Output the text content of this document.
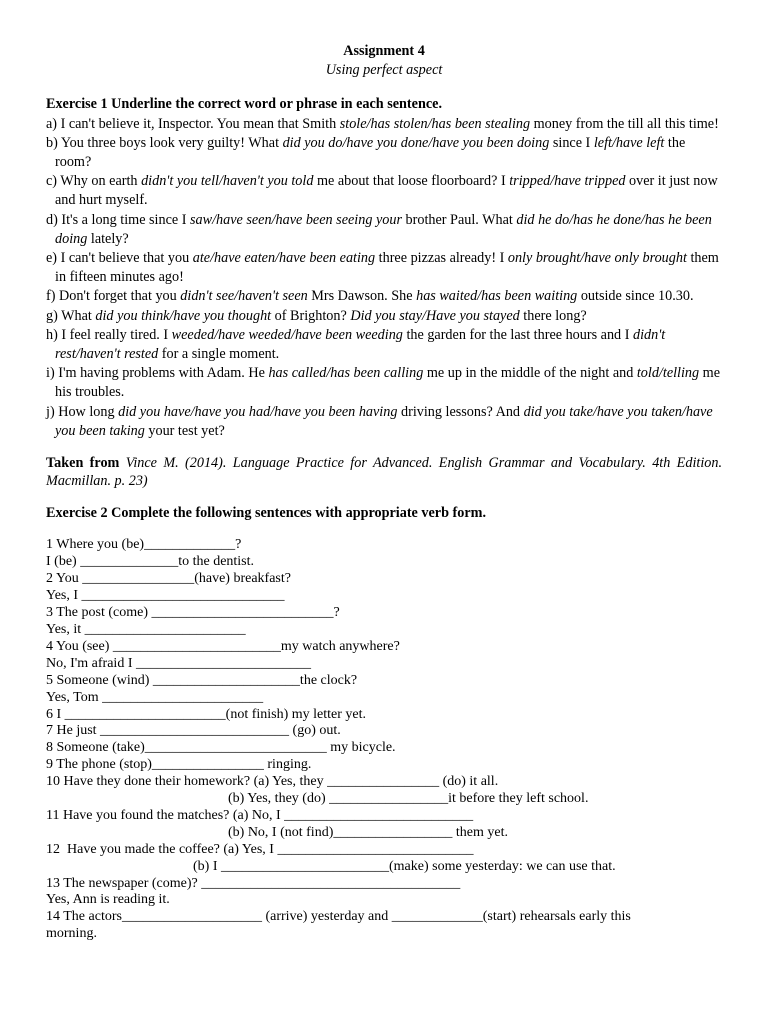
Assignment 4

Using perfect aspect

Exercise 1 Underline the correct word or phrase in each sentence.

a) I can't believe it, Inspector. You mean that Smith stole/has stolen/has been stealing money from the till all this time!

b) You three boys look very guilty! What did you do/have you done/have you been doing since I left/have left the room?

c) Why on earth didn't you tell/haven't you told me about that loose floorboard? I tripped/have tripped over it just now and hurt myself.

d) It's a long time since I saw/have seen/have been seeing your brother Paul. What did he do/has he done/has he been doing lately?

e) I can't believe that you ate/have eaten/have been eating three pizzas already! I only brought/have only brought them in fifteen minutes ago!

f) Don't forget that you didn't see/haven't seen Mrs Dawson. She has waited/has been waiting outside since 10.30.

g) What did you think/have you thought of Brighton? Did you stay/Have you stayed there long?

h) I feel really tired. I weeded/have weeded/have been weeding the garden for the last three hours and I didn't rest/haven't rested for a single moment.

i) I'm having problems with Adam. He has called/has been calling me up in the middle of the night and told/telling me his troubles.

j) How long did you have/have you had/have you been having driving lessons? And did you take/have you taken/have you been taking your test yet?

Taken from Vince M. (2014). Language Practice for Advanced. English Grammar and Vocabulary. 4th Edition. Macmillan. p. 23)

Exercise 2 Complete the following sentences with appropriate verb form.

1 Where you (be)_____________?

I (be) ______________to the dentist.

2 You ________________(have) breakfast?

Yes, I _____________________________

3 The post (come) __________________________?

Yes, it _______________________

4 You (see) ________________________my watch anywhere?

No, I'm afraid I _________________________

5 Someone (wind) _____________________the clock?

Yes, Tom _______________________

6 I _______________________(not finish) my letter yet.

7 He just ___________________________ (go) out.

8 Someone (take)__________________________ my bicycle.

9 The phone (stop)________________ ringing.

10 Have they done their homework? (a) Yes, they ________________ (do) it all.

(b) Yes, they (do) _________________it before they left school.

11 Have you found the matches? (a) No, I ___________________________

(b) No, I (not find)_________________ them yet.

12  Have you made the coffee? (a) Yes, I ____________________________

(b) I ________________________(make) some yesterday: we can use that.

13 The newspaper (come)? _____________________________________

Yes, Ann is reading it.

14 The actors____________________ (arrive) yesterday and _____________(start) rehearsals early this

morning.
